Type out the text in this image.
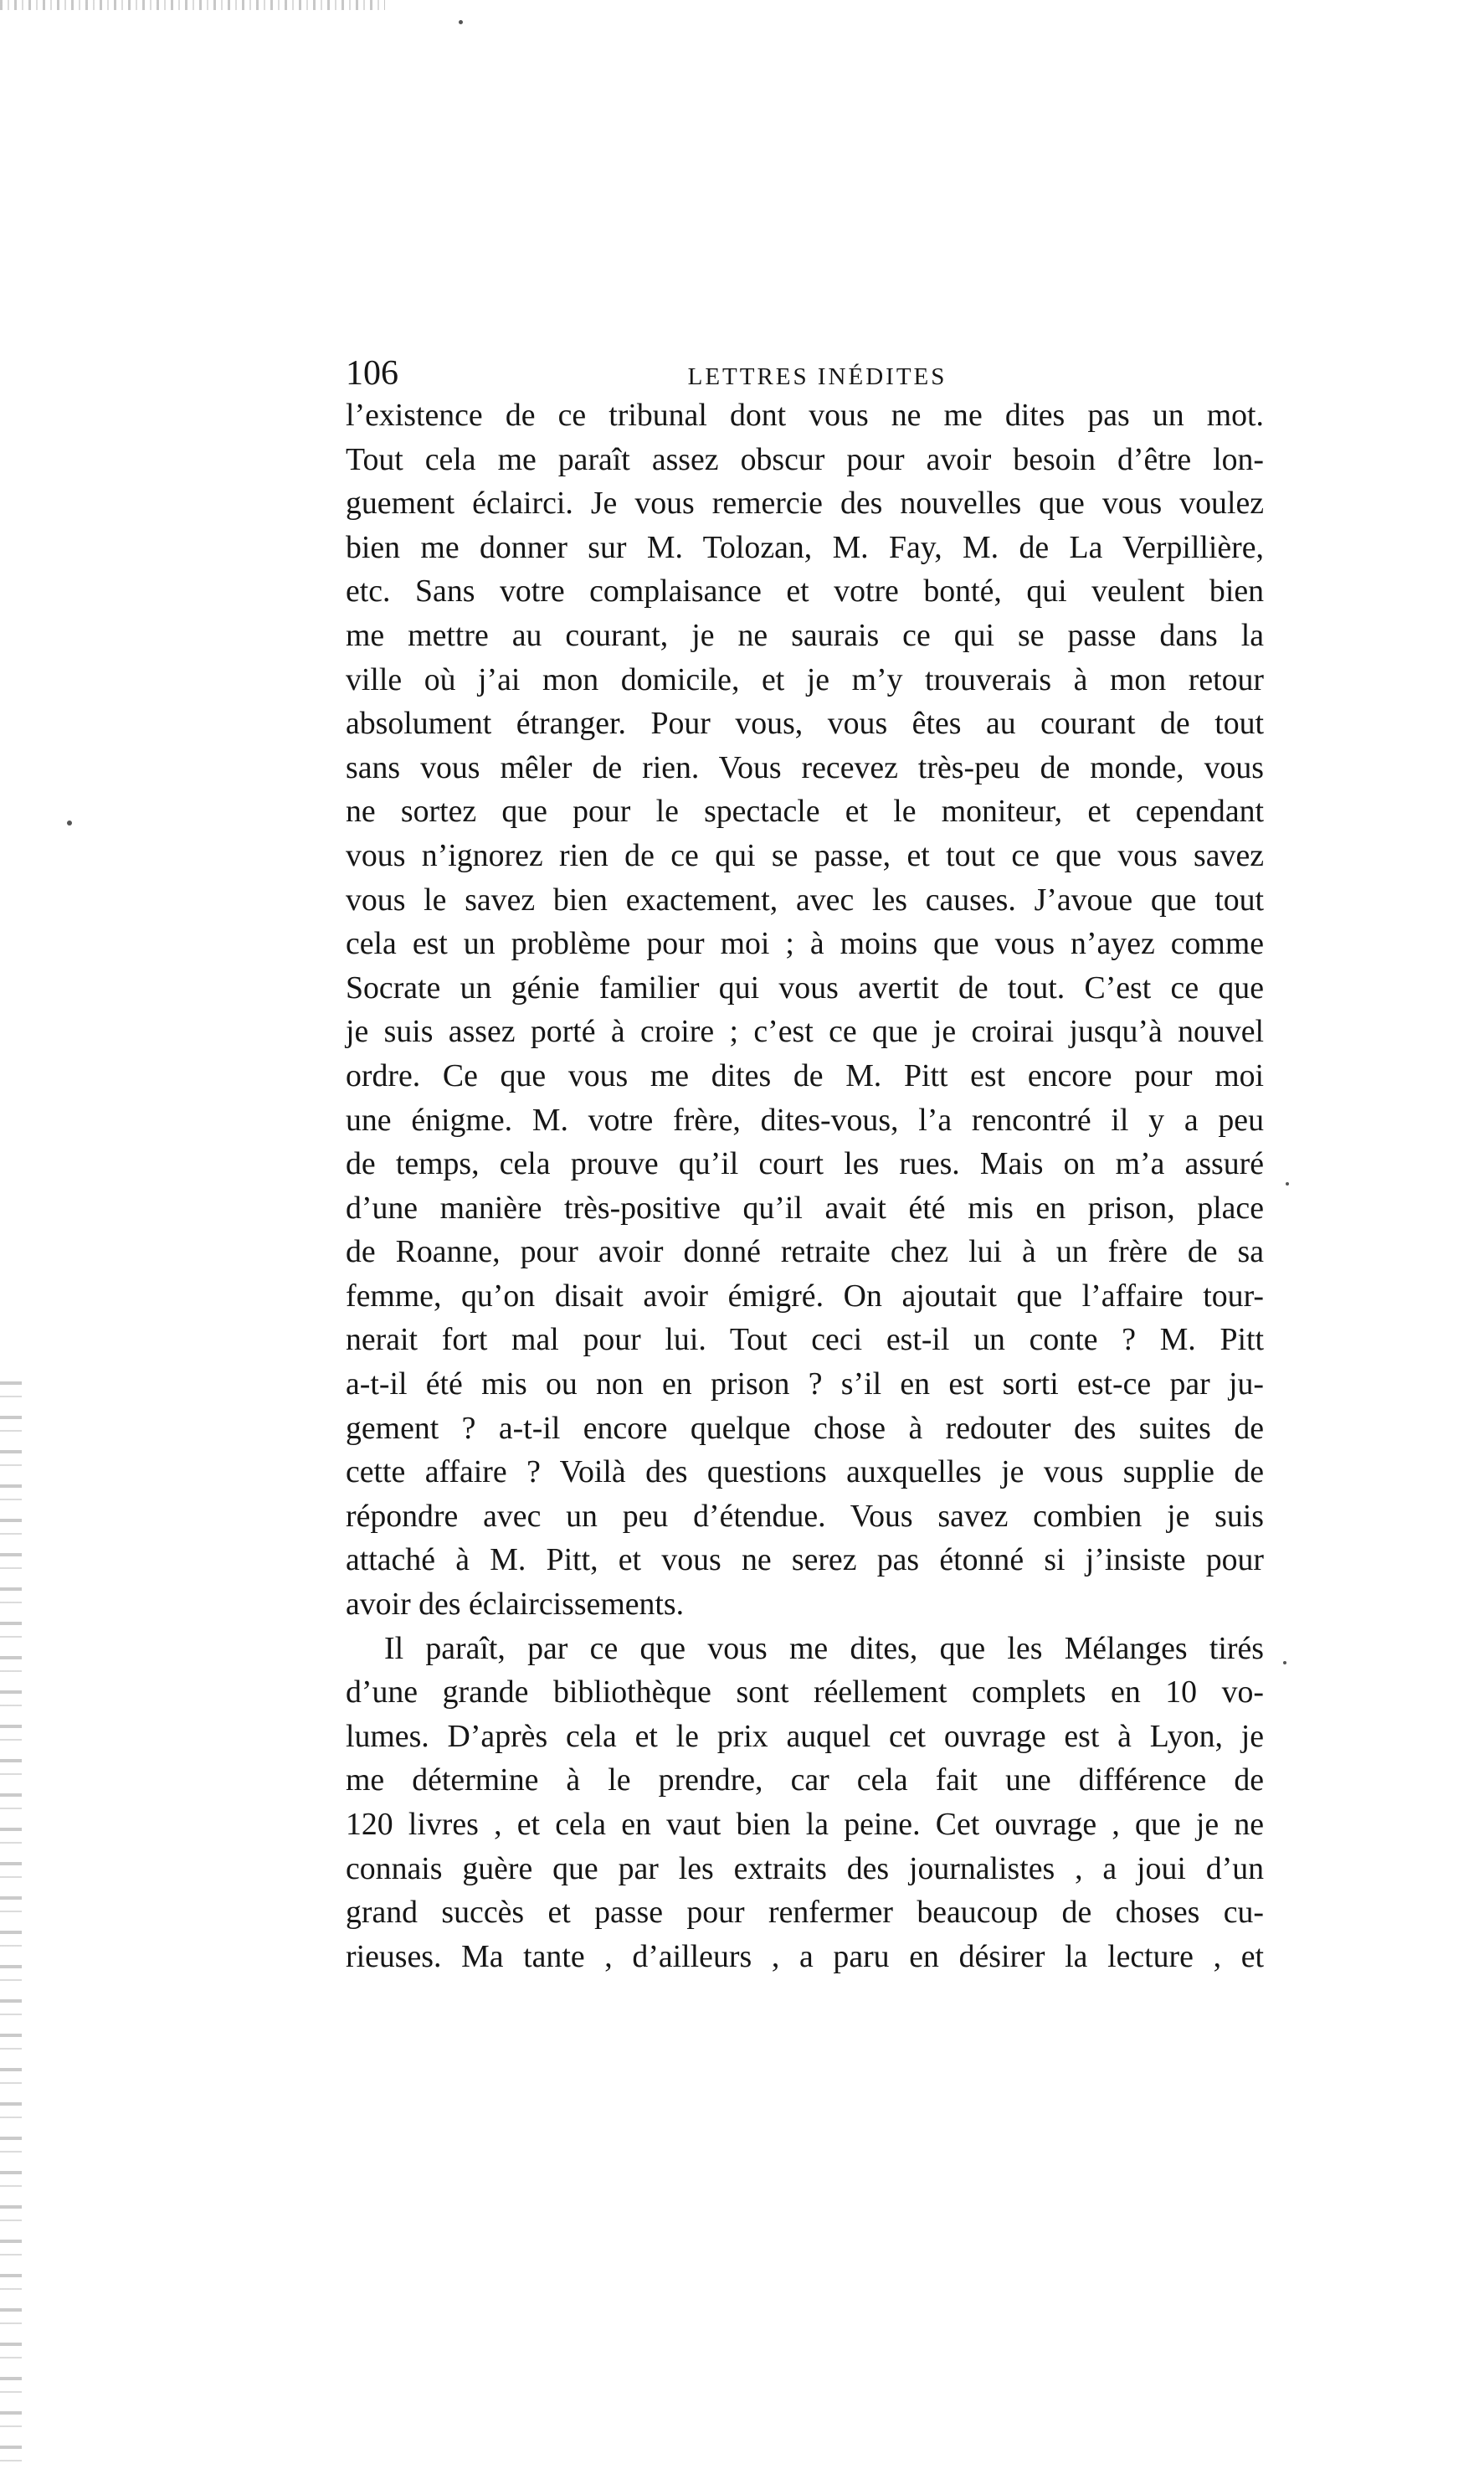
106	LETTRES INÉDITES
l’existence de ce tribunal dont vous ne me dites pas un mot.
Tout cela me paraît assez obscur pour avoir besoin d’être lon-
guement éclairci. Je vous remercie des nouvelles que vous voulez
bien me donner sur M. Tolozan, M. Fay, M. de La Verpillière,
etc. Sans votre complaisance et votre bonté, qui veulent bien
me mettre au courant, je ne saurais ce qui se passe dans la
ville où j’ai mon domicile, et je m’y trouverais à mon retour
absolument étranger. Pour vous, vous êtes au courant de tout
sans vous mêler de rien. Vous recevez très-peu de monde, vous
ne sortez que pour le spectacle et le moniteur, et cependant
vous n’ignorez rien de ce qui se passe, et tout ce que vous savez
vous le savez bien exactement, avec les causes. J’avoue que tout
cela est un problème pour moi ; à moins que vous n’ayez comme
Socrate un génie familier qui vous avertit de tout. C’est ce que
je suis assez porté à croire ; c’est ce que je croirai jusqu’à nouvel
ordre. Ce que vous me dites de M. Pitt est encore pour moi
une énigme. M. votre frère, dites-vous, l’a rencontré il y a peu
de temps, cela prouve qu’il court les rues. Mais on m’a assuré
d’une manière très-positive qu’il avait été mis en prison, place
de Roanne, pour avoir donné retraite chez lui à un frère de sa
femme, qu’on disait avoir émigré. On ajoutait que l’affaire tour-
nerait fort mal pour lui. Tout ceci est-il un conte ? M. Pitt
a-t-il été mis ou non en prison ? s’il en est sorti est-ce par ju-
gement ? a-t-il encore quelque chose à redouter des suites de
cette affaire ? Voilà des questions auxquelles je vous supplie de
répondre avec un peu d’étendue. Vous savez combien je suis
attaché à M. Pitt, et vous ne serez pas étonné si j’insiste pour
avoir des éclaircissements.
Il paraît, par ce que vous me dites, que les Mélanges tirés
d’une grande bibliothèque sont réellement complets en 10 vo-
lumes. D’après cela et le prix auquel cet ouvrage est à Lyon, je
me détermine à le prendre, car cela fait une différence de
120 livres , et cela en vaut bien la peine. Cet ouvrage , que je ne
connais guère que par les extraits des journalistes , a joui d’un
grand succès et passe pour renfermer beaucoup de choses cu-
rieuses. Ma tante , d’ailleurs , a paru en désirer la lecture , et
